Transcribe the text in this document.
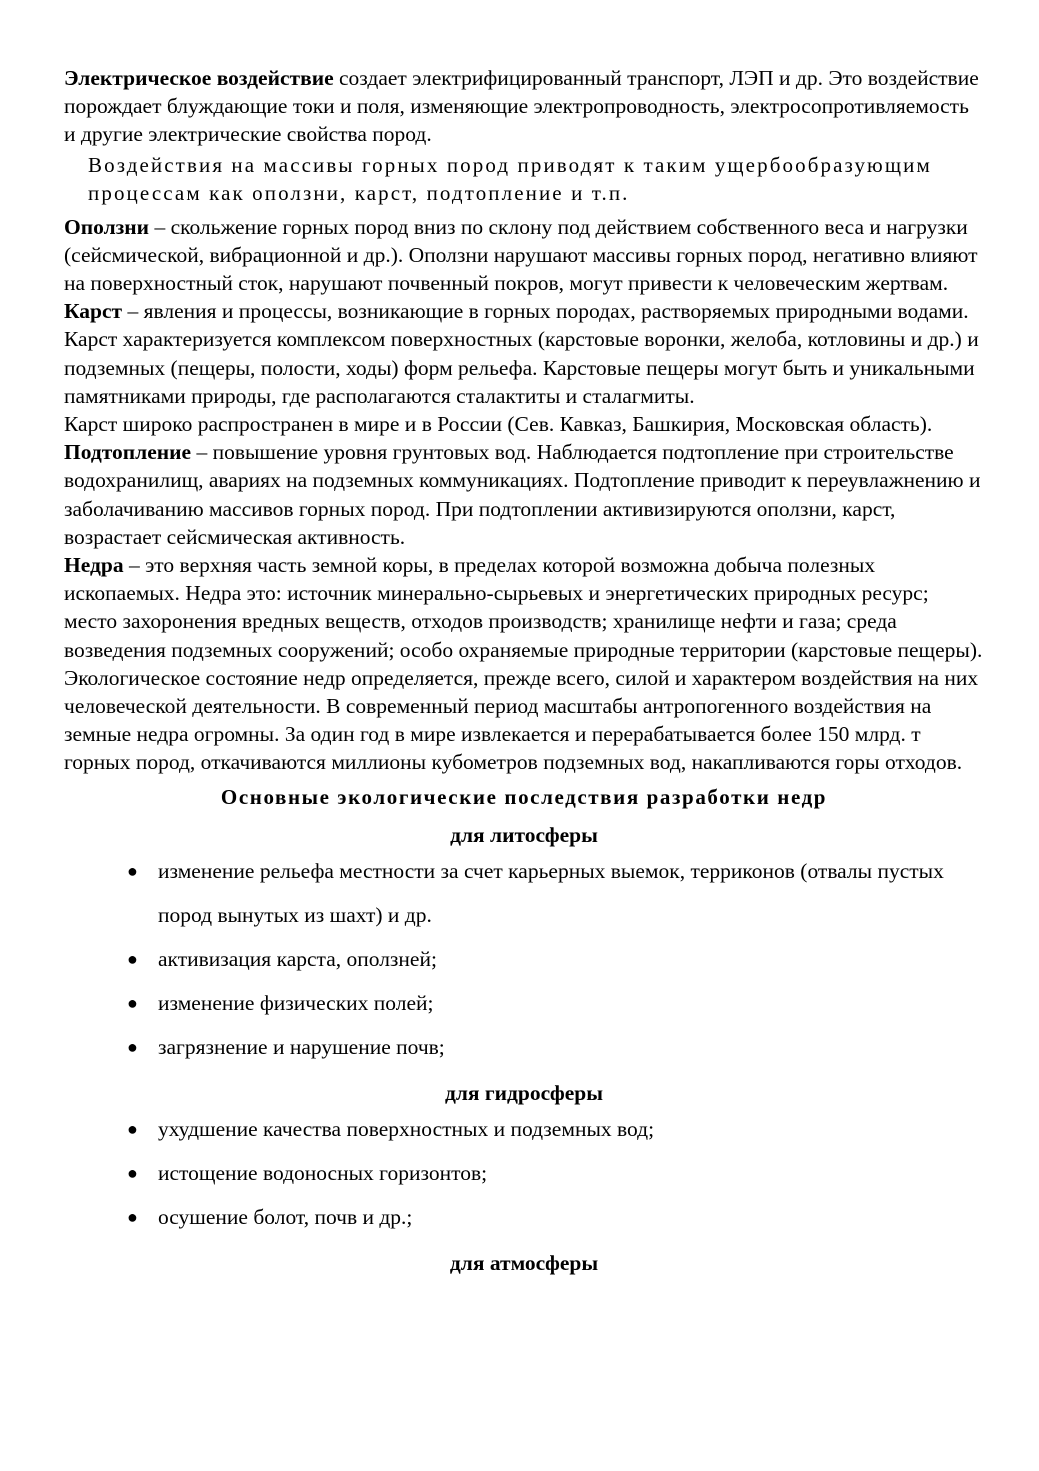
Электрическое воздействие создает электрифицированный транспорт, ЛЭП и др. Это воздействие порождает блуждающие токи и поля, изменяющие электропроводность, электросопротивляемость и другие электрические свойства пород.

Воздействия на массивы горных пород приводят к таким ущербообразующим процессам как оползни, карст, подтопление и т.п.

Оползни – скольжение горных пород вниз по склону под действием собственного веса и нагрузки (сейсмической, вибрационной и др.). Оползни нарушают массивы горных пород, негативно влияют на поверхностный сток, нарушают почвенный покров, могут привести к человеческим жертвам.

Карст – явления и процессы, возникающие в горных породах, растворяемых природными водами. Карст характеризуется комплексом поверхностных (карстовые воронки, желоба, котловины и др.) и подземных (пещеры, полости, ходы) форм рельефа. Карстовые пещеры могут быть и уникальными памятниками природы, где располагаются сталактиты и сталагмиты.

Карст широко распространен в мире и в России (Сев. Кавказ, Башкирия, Московская область).

Подтопление – повышение уровня грунтовых вод. Наблюдается подтопление при строительстве водохранилищ, авариях на подземных коммуникациях. Подтопление приводит к переувлажнению и заболачиванию массивов горных пород. При подтоплении активизируются оползни, карст, возрастает сейсмическая активность.

Недра – это верхняя часть земной коры, в пределах которой возможна добыча полезных ископаемых. Недра это: источник минерально-сырьевых и энергетических природных ресурс; место захоронения вредных веществ, отходов производств; хранилище нефти и газа; среда возведения подземных сооружений; особо охраняемые природные территории (карстовые пещеры).

Экологическое состояние недр определяется, прежде всего, силой и характером воздействия на них человеческой деятельности. В современный период масштабы антропогенного воздействия на земные недра огромны. За один год в мире извлекается и перерабатывается более 150 млрд. т горных пород, откачиваются миллионы кубометров подземных вод, накапливаются горы отходов.

Основные экологические последствия разработки недр
для литосферы
● изменение рельефа местности за счет карьерных выемок, терриконов (отвалы пустых пород вынутых из шахт) и др.
● активизация карста, оползней;
● изменение физических полей;
● загрязнение и нарушение почв;
для гидросферы
● ухудшение качества поверхностных и подземных вод;
● истощение водоносных горизонтов;
● осушение болот, почв и др.;
для атмосферы
